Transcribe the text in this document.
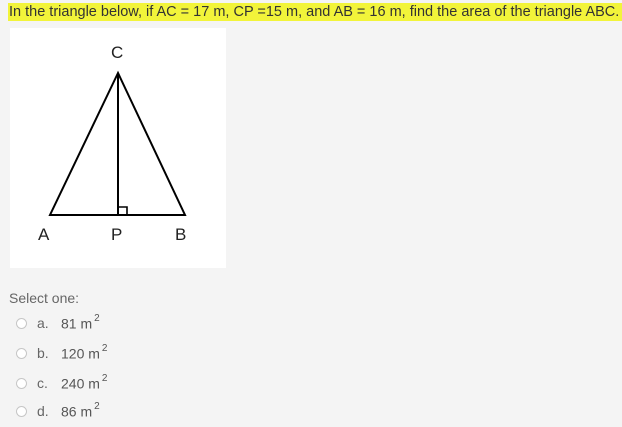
In the triangle below, if AC = 17 m, CP =15 m, and AB = 16 m, find the area of the triangle ABC.
C
A	P	B
Select one:
a. 81 m $^2$
b. 120 m $^2$
c. 240 m $^2$
d. 86 m $^2$
